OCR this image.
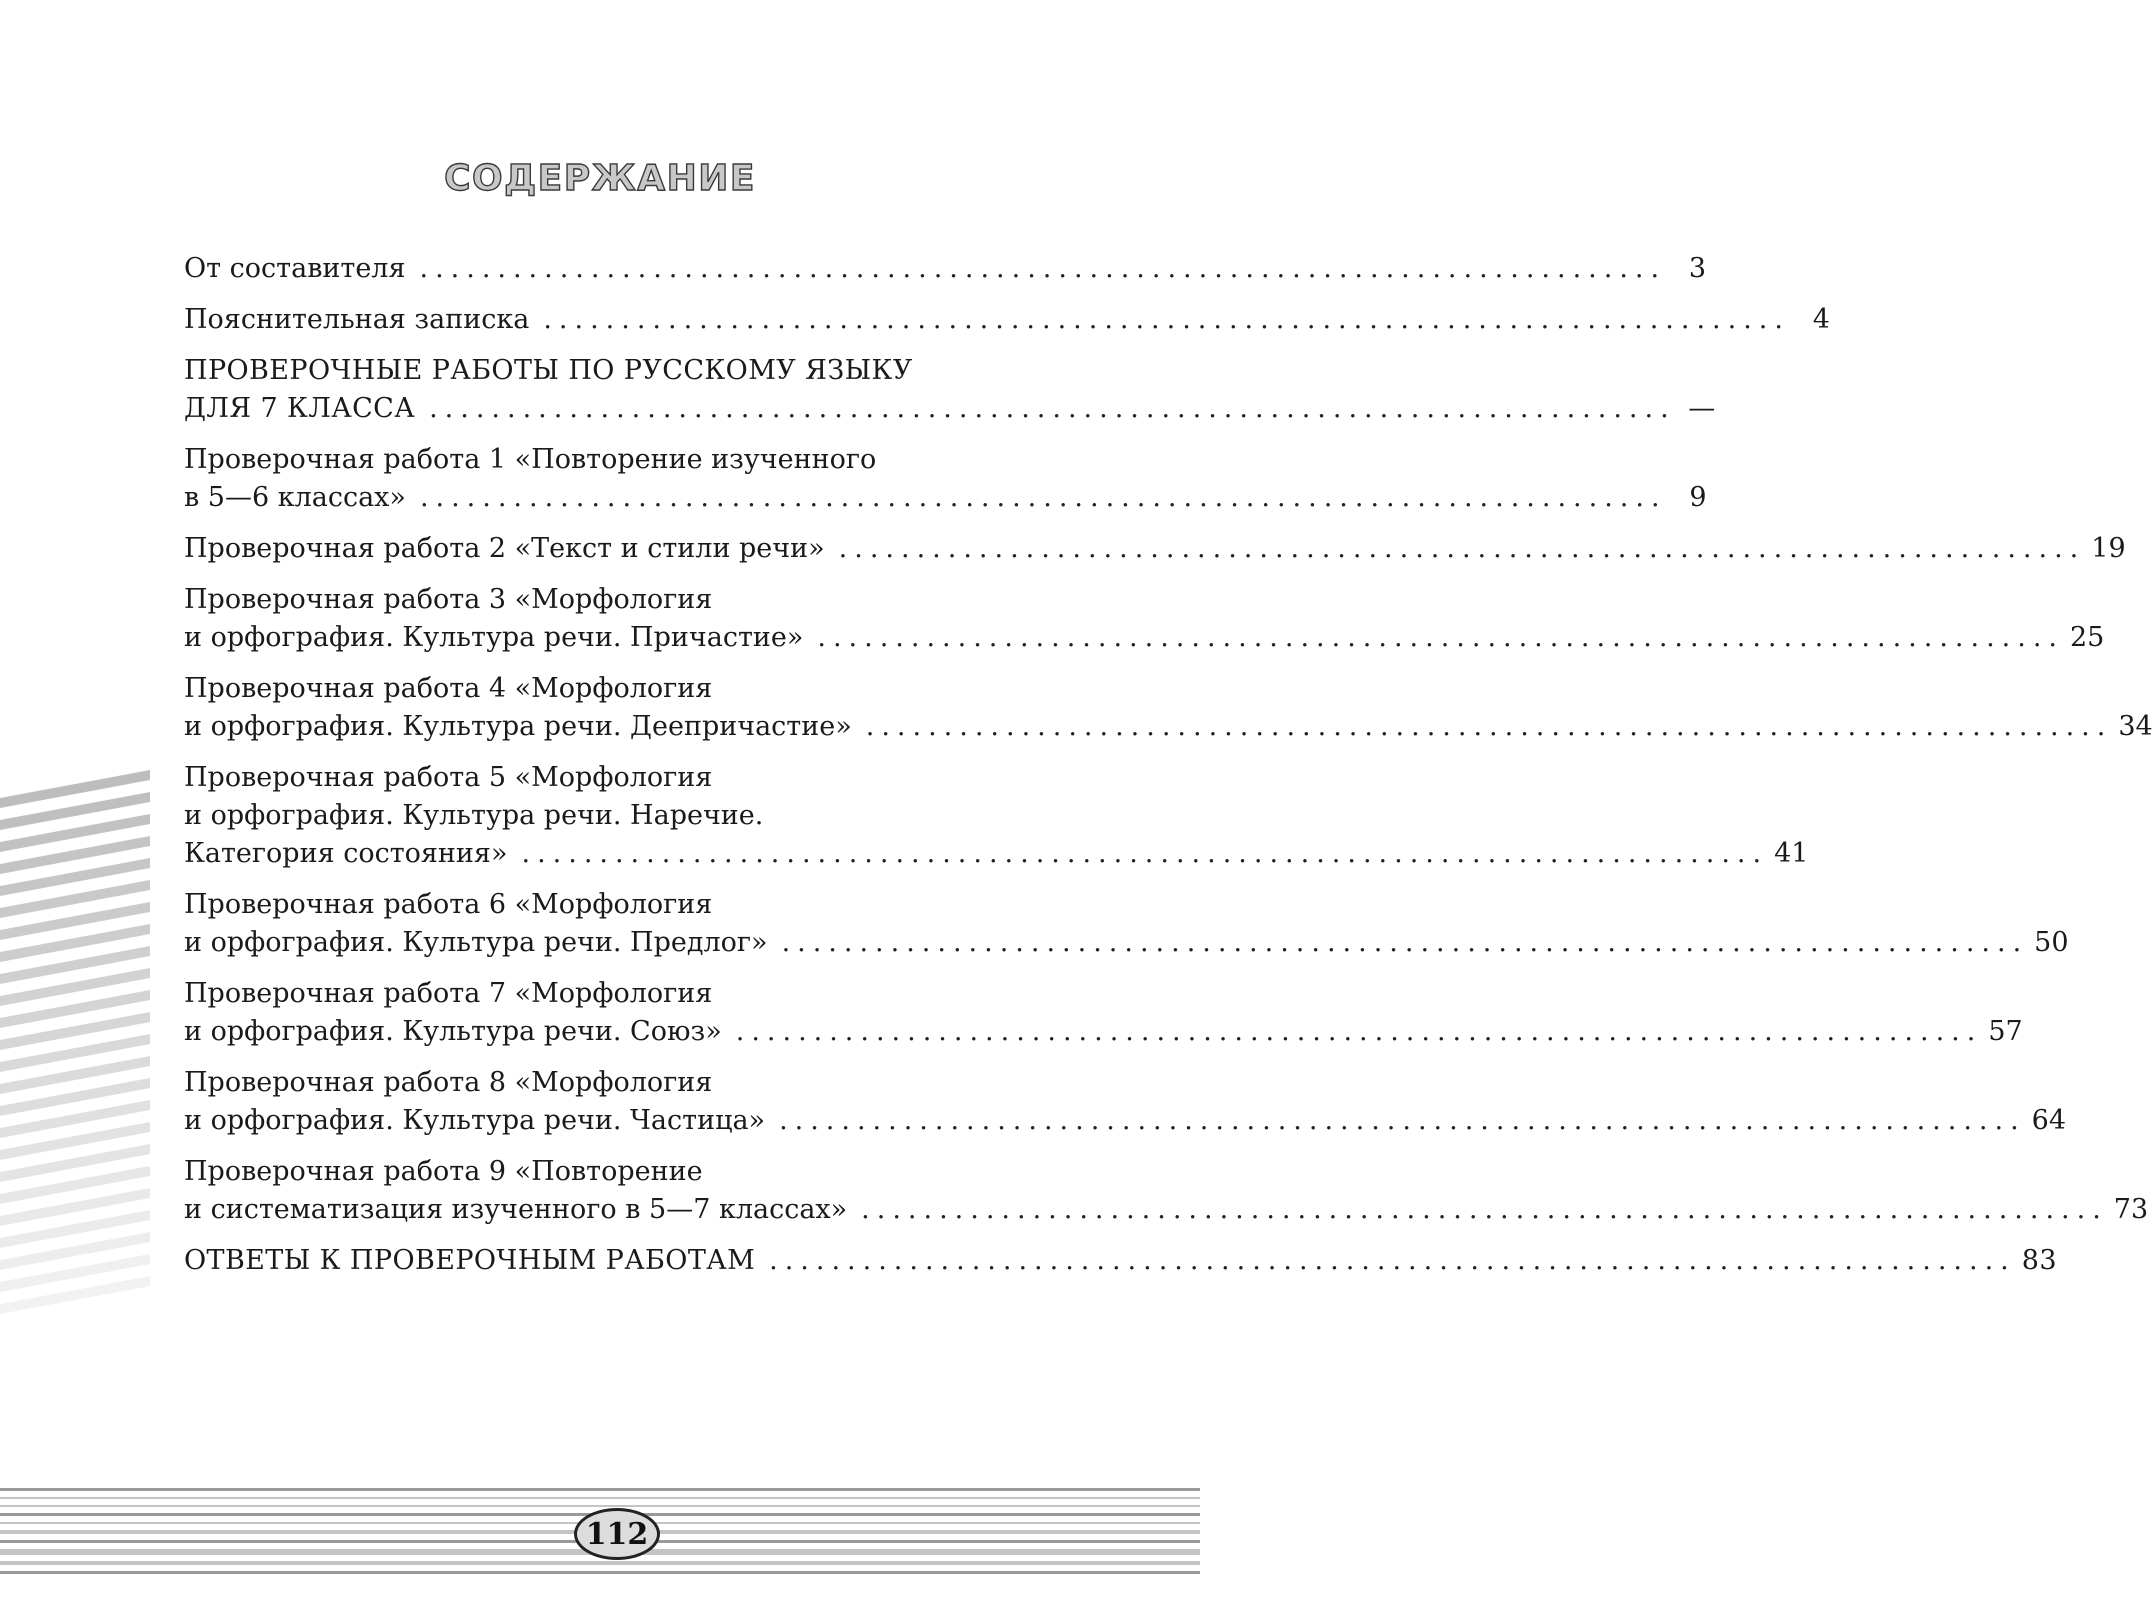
СОДЕРЖАНИЕ
От составителя ................................................................................ 3
Пояснительная записка ................................................................................ 4
ПРОВЕРОЧНЫЕ РАБОТЫ ПО РУССКОМУ ЯЗЫКУ
ДЛЯ 7 КЛАССА ................................................................................ —
Проверочная работа 1 «Повторение изученного
в 5—6 классах» ................................................................................ 9
Проверочная работа 2 «Текст и стили речи» ................................................................................ 19
Проверочная работа 3 «Морфология
и орфография. Культура речи. Причастие» ................................................................................ 25
Проверочная работа 4 «Морфология
и орфография. Культура речи. Деепричастие» ................................................................................ 34
Проверочная работа 5 «Морфология
и орфография. Культура речи. Наречие.
Категория состояния» ................................................................................ 41
Проверочная работа 6 «Морфология
и орфография. Культура речи. Предлог» ................................................................................ 50
Проверочная работа 7 «Морфология
и орфография. Культура речи. Союз» ................................................................................ 57
Проверочная работа 8 «Морфология
и орфография. Культура речи. Частица» ................................................................................ 64
Проверочная работа 9 «Повторение
и систематизация изученного в 5—7 классах» ................................................................................ 73
ОТВЕТЫ К ПРОВЕРОЧНЫМ РАБОТАМ ................................................................................ 83
112
